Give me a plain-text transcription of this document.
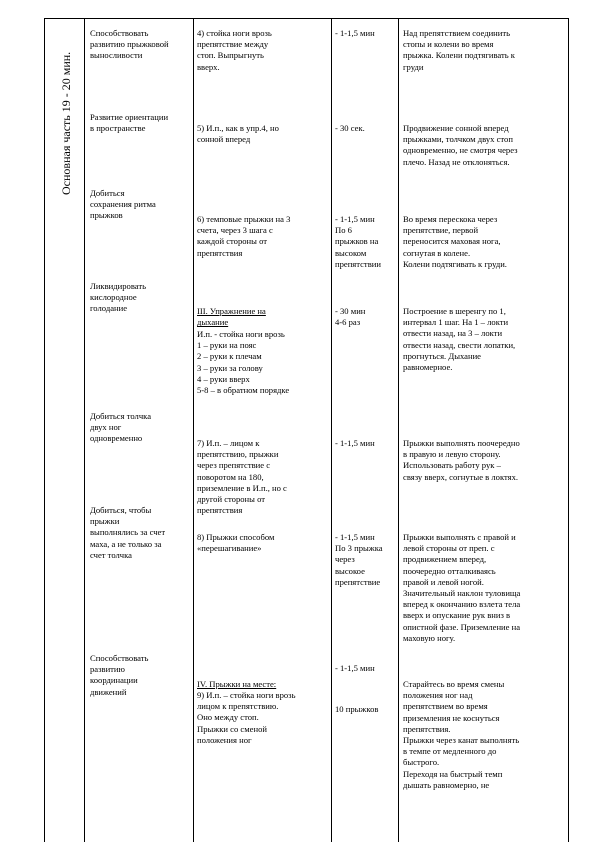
Основная часть 19 - 20 мин.
Способствовать
развитию прыжковой
выносливости
Развитие ориентации
в пространстве
Добиться
сохранения ритма
прыжков
Ликвидировать
кислородное
голодание
Добиться толчка
двух ног
одновременно
Добиться, чтобы
прыжки
выполнялись за счет
маха, а не только за
счет толчка
Способствовать
развитию
координации
движений
4) стойка ноги врозь
препятствие между
стоп. Выпрыгнуть
вверх.
5) И.п., как в упр.4, но
сонной вперед
6) темповые прыжки на 3
счета, через 3 шага с
каждой стороны от
препятствия
III. Упражнение на
дыхание
И.п. - стойка ноги врозь
1 – руки на пояс
2 – руки к плечам
3 – руки за голову
4 – руки вверх
5-8 – в обратном порядке
7) И.п. – лицом к
препятствию, прыжки
через препятствие с
поворотом на 180,
приземление в И.п., но с
другой стороны от
препятствия
8) Прыжки способом
«перешагивание»
IV. Прыжки на месте:
9) И.п. – стойка ноги врозь
лицом к препятствию.
Оно между стоп.
Прыжки со сменой
положения ног
- 1-1,5 мин
- 30 сек.
- 1-1,5 мин
По 6
прыжков на
высоком
препятствии
- 30 мин
4-6 раз
- 1-1,5 мин
- 1-1,5 мин
По 3 прыжка
через
высокое
препятствие
- 1-1,5 мин
10 прыжков
Над препятствием соединить
стопы и колени во время
прыжка. Колени подтягивать к
груди
Продвижение сонной вперед
прыжками, толчком двух стоп
одновременно, не смотря через
плечо. Назад не отклоняться.
Во время перескока через
препятствие, первой
переносится маховая нога,
согнутая в колене.
Колени подтягивать к груди.
Построение в шеренгу по 1,
интервал 1 шаг. На 1 – локти
отвести назад, на 3 – локти
отвести назад, свести лопатки,
прогнуться. Дыхание
равномерное.
Прыжки выполнять поочередно
в правую и левую сторону.
Использовать работу рук –
связу вверх, согнутые в локтях.
Прыжки выполнять с правой и
левой стороны от преп. с
продвижением вперед,
поочередно отталкиваясь
правой и левой ногой.
Значительный наклон туловища
вперед к окончанию взлета тела
вверх и опускание рук вниз в
опистной фазе. Приземление на
маховую ногу.
Старайтесь во время смены
положения ног над
препятствием во время
приземления не коснуться
препятствия.
Прыжки через канат выполнять
в темпе от медленного до
быстрого.
Переходя на быстрый темп
дышать равномерно, не
